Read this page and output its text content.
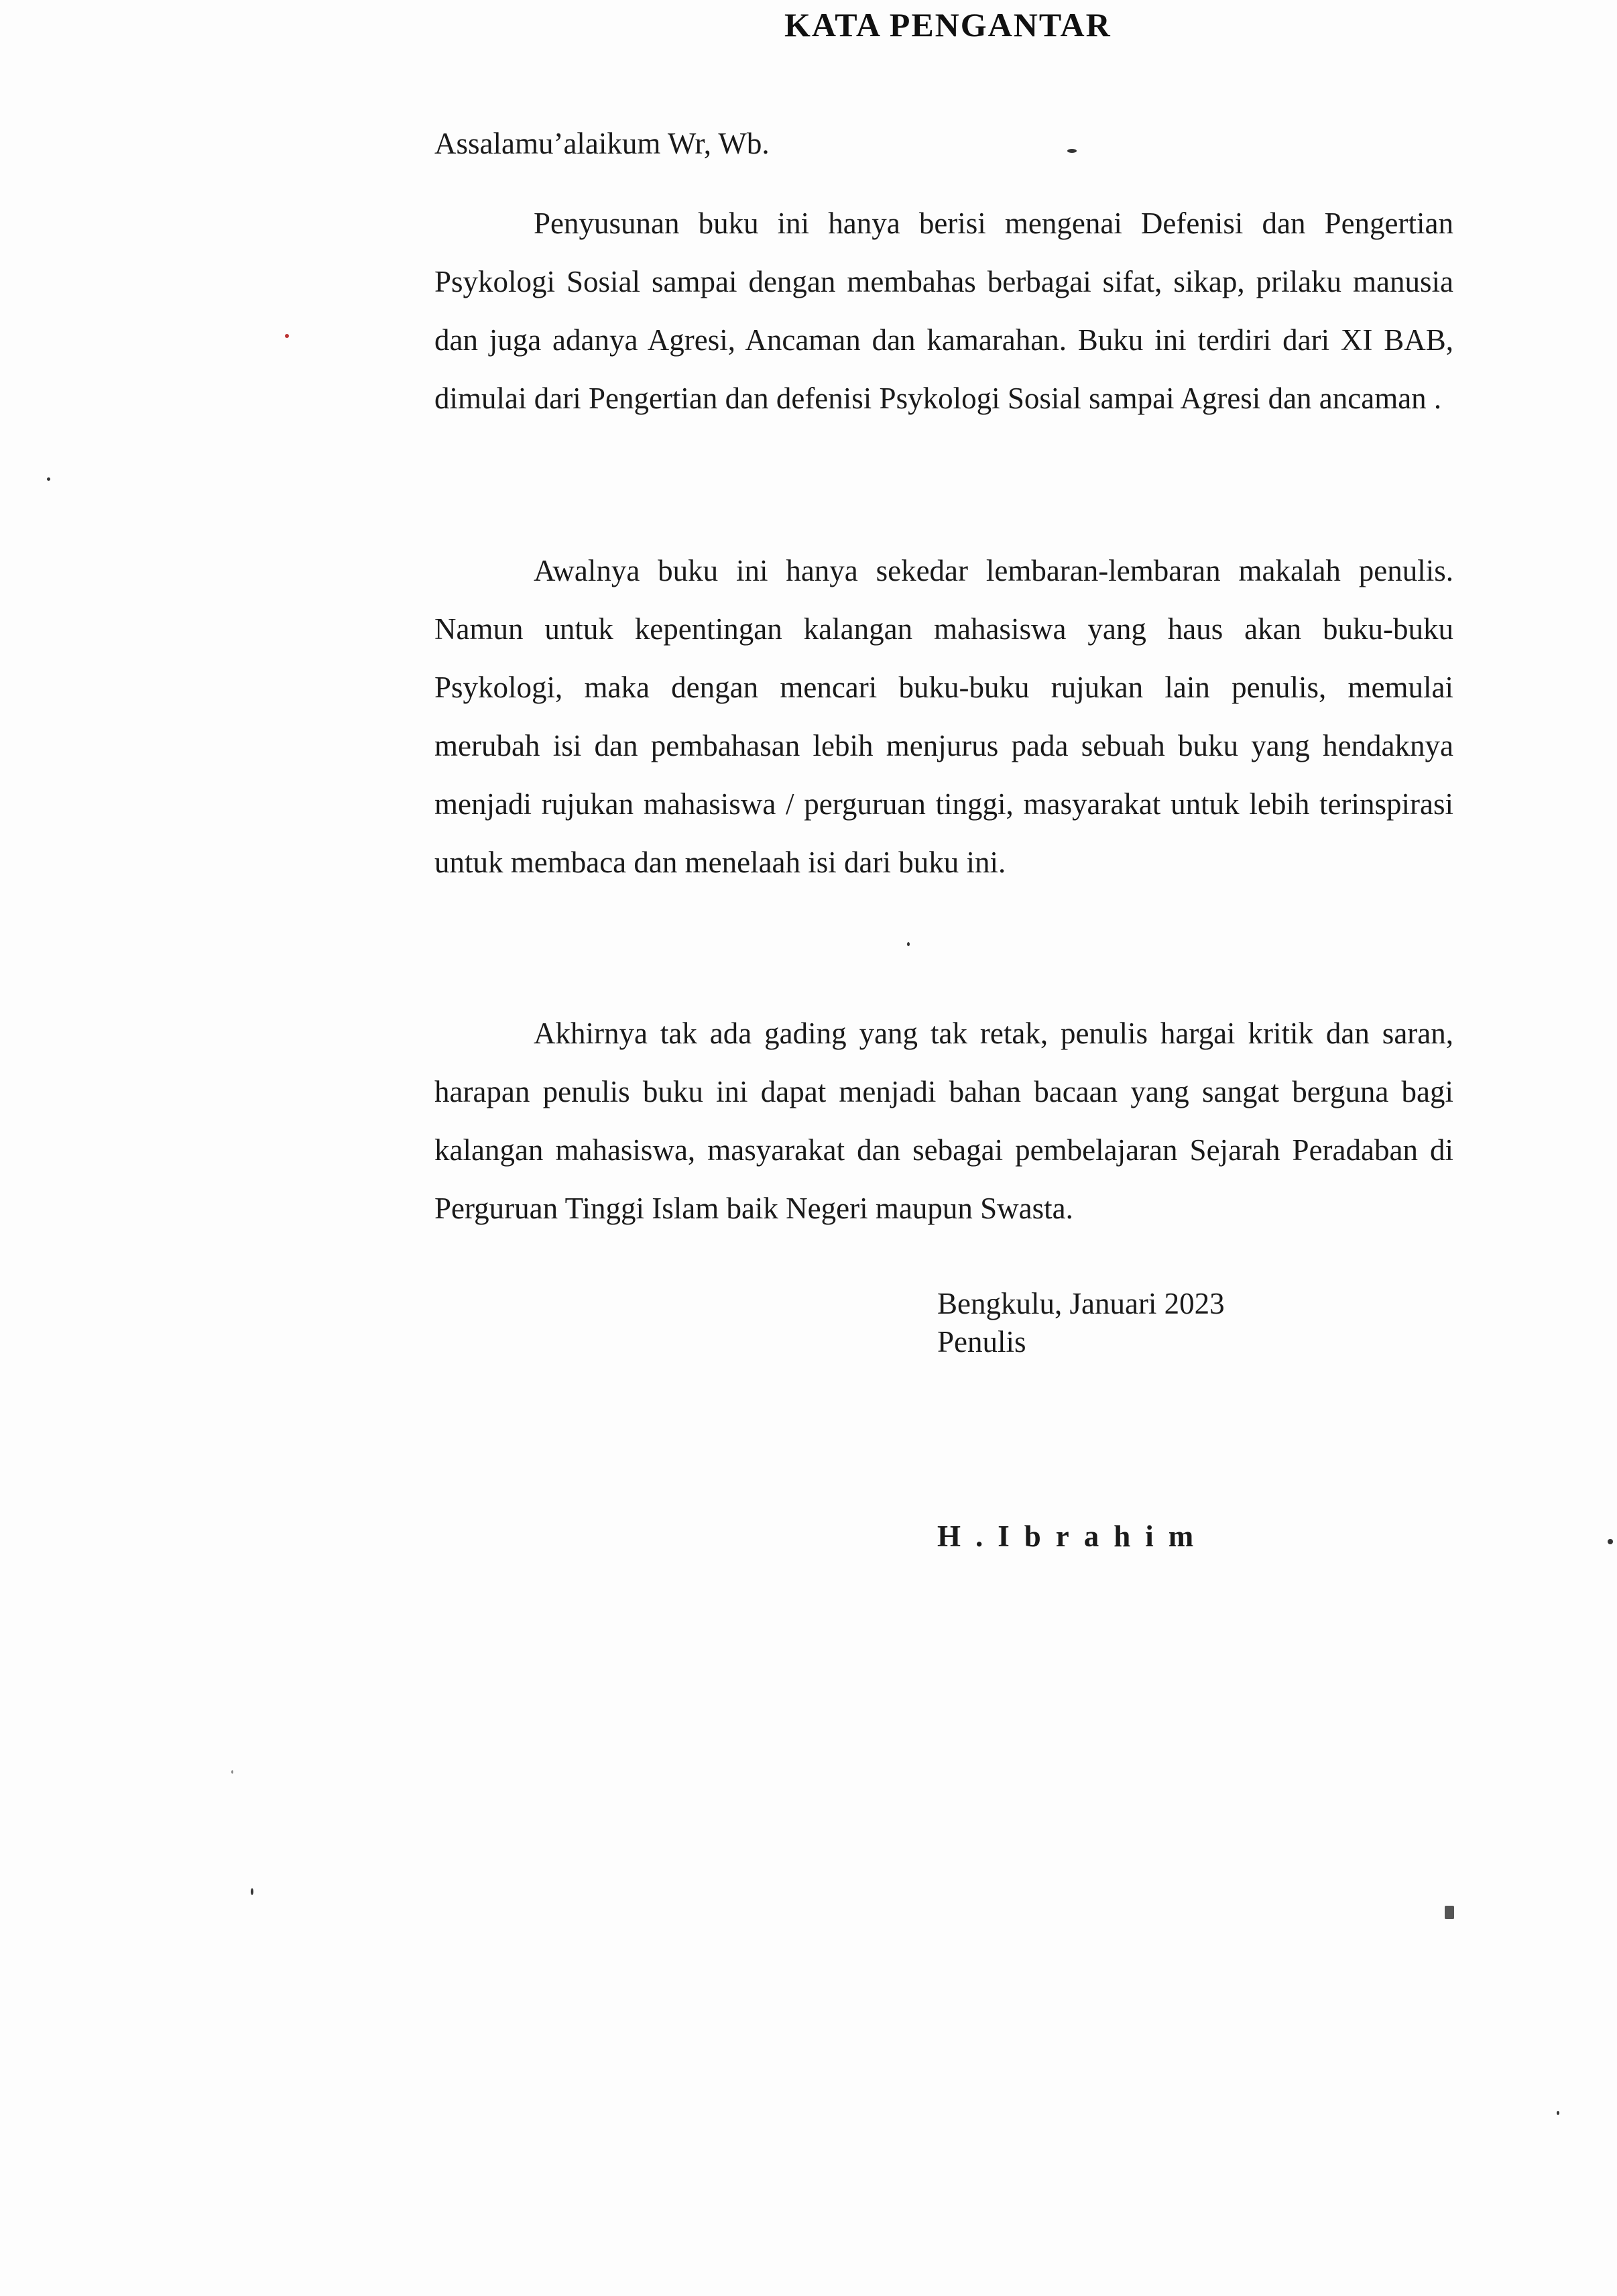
KATA PENGANTAR
Assalamu’alaikum Wr, Wb.

Penyusunan buku ini hanya berisi mengenai Defenisi dan Pengertian Psykologi Sosial sampai dengan membahas berbagai sifat, sikap, prilaku manusia dan juga adanya Agresi, Ancaman dan kamarahan. Buku ini terdiri dari XI BAB, dimulai dari Pengertian dan defenisi Psykologi Sosial sampai Agresi dan ancaman .

Awalnya buku ini hanya sekedar lembaran-lembaran makalah penulis. Namun untuk kepentingan kalangan mahasiswa yang haus akan buku-buku Psykologi, maka dengan mencari buku-buku rujukan lain penulis, memulai merubah isi dan pembahasan lebih menjurus pada sebuah buku yang hendaknya menjadi rujukan mahasiswa / perguruan tinggi, masyarakat untuk lebih terinspirasi untuk membaca dan menelaah isi dari buku ini.

Akhirnya tak ada gading yang tak retak, penulis hargai kritik dan saran, harapan penulis buku ini dapat menjadi bahan bacaan yang sangat berguna bagi kalangan mahasiswa, masyarakat dan sebagai pembelajaran Sejarah Peradaban di Perguruan Tinggi Islam baik Negeri maupun Swasta.

Bengkulu, Januari 2023
Penulis
H.Ibrahim
